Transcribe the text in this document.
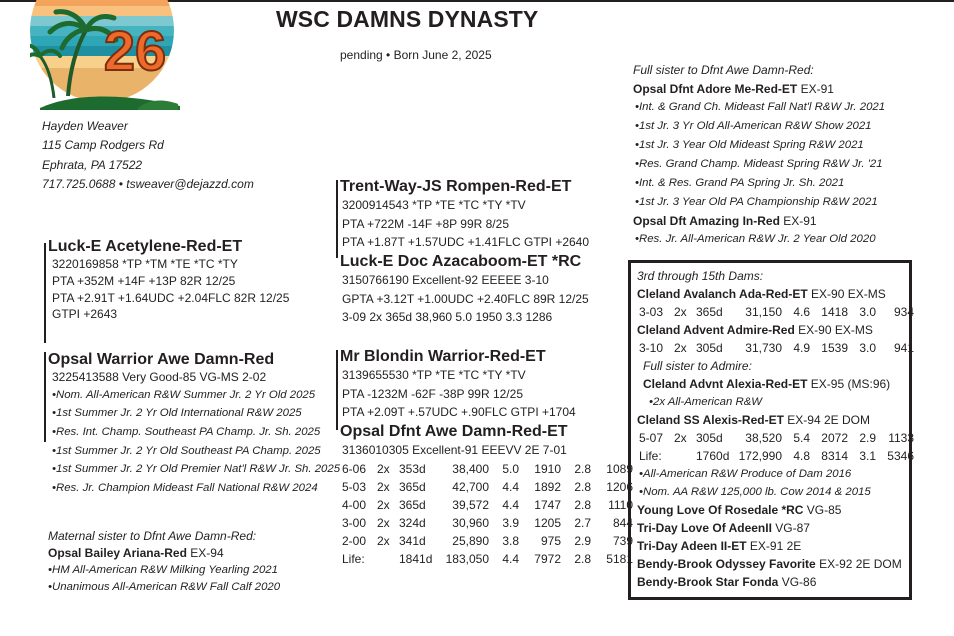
26	WSC DAMNS DYNASTY
pending • Born June 2, 2025
Hayden Weaver
115 Camp Rodgers Rd
Ephrata, PA 17522
717.725.0688 • tsweaver@dejazzd.com
Luck-E Acetylene-Red-ET
3220169858 *TP *TM *TE *TC *TY
PTA +352M +14F +13P 82R 12/25
PTA +2.91T +1.64UDC +2.04FLC 82R 12/25
GTPI +2643
Opsal Warrior Awe Damn-Red
3225413588 Very Good-85 VG-MS 2-02
•Nom. All-American R&W Summer Jr. 2 Yr Old 2025
•1st Summer Jr. 2 Yr Old International R&W 2025
•Res. Int. Champ. Southeast PA Champ. Jr. Sh. 2025
•1st Summer Jr. 2 Yr Old Southeast PA Champ. 2025
•1st Summer Jr. 2 Yr Old Premier Nat'l R&W Jr. Sh. 2025
•Res. Jr. Champion Mideast Fall National R&W 2024
Maternal sister to Dfnt Awe Damn-Red:
Opsal Bailey Ariana-Red EX-94
•HM All-American R&W Milking Yearling 2021
•Unanimous All-American R&W Fall Calf 2020
Trent-Way-JS Rompen-Red-ET
3200914543 *TP *TE *TC *TY *TV
PTA +722M -14F +8P 99R 8/25
PTA +1.87T +1.57UDC +1.41FLC GTPI +2640
Luck-E Doc Azacaboom-ET *RC
3150766190 Excellent-92 EEEEE 3-10
GPTA +3.12T +1.00UDC +2.40FLC 89R 12/25
3-09 2x 365d 38,960 5.0 1950 3.3 1286
Mr Blondin Warrior-Red-ET
3139655530 *TP *TE *TC *TY *TV
PTA -1232M -62F -38P 99R 12/25
PTA +2.09T +.57UDC +.90FLC GTPI +1704
Opsal Dfnt Awe Damn-Red-ET
3136010305 Excellent-91 EEEVV 2E 7-01
6-06 2x 353d	38,400	5.0	1910	2.8	1089
5-03 2x 365d	42,700	4.4	1892	2.8	1206
4-00 2x 365d	39,572	4.4	1747	2.8	1110
3-00 2x 324d	30,960	3.9	1205	2.7	844
2-00 2x 341d	25,890	3.8	975	2.9	739
Life:	1841d	183,050	4.4	7972	2.8	5181
Full sister to Dfnt Awe Damn-Red:
Opsal Dfnt Adore Me-Red-ET EX-91
•Int. & Grand Ch. Mideast Fall Nat'l R&W Jr. 2021
•1st Jr. 3 Yr Old All-American R&W Show 2021
•1st Jr. 3 Year Old Mideast Spring R&W 2021
•Res. Grand Champ. Mideast Spring R&W Jr. '21
•Int. & Res. Grand PA Spring Jr. Sh. 2021
•1st Jr. 3 Year Old PA Championship R&W 2021
Opsal Dft Amazing In-Red EX-91
•Res. Jr. All-American R&W Jr. 2 Year Old 2020
3rd through 15th Dams:
Cleland Avalanch Ada-Red-ET EX-90 EX-MS
3-03 2x 365d	31,150 4.6 1418 3.0	934
Cleland Advent Admire-Red EX-90 EX-MS
3-10 2x 305d	31,730 4.9 1539 3.0	941
Full sister to Admire:
Cleland Advnt Alexia-Red-ET EX-95 (MS:96)
•2x All-American R&W
Cleland SS Alexis-Red-ET EX-94 2E DOM
5-07 2x 305d	38,520 5.4 2072 2.9	1133
Life:	1760d 172,990 4.8 8314 3.1 5346
•All-American R&W Produce of Dam 2016
•Nom. AA R&W 125,000 lb. Cow 2014 & 2015
Young Love Of Rosedale *RC VG-85
Tri-Day Love Of AdeenII VG-87
Tri-Day Adeen II-ET EX-91 2E
Bendy-Brook Odyssey Favorite EX-92 2E DOM
Bendy-Brook Star Fonda VG-86
